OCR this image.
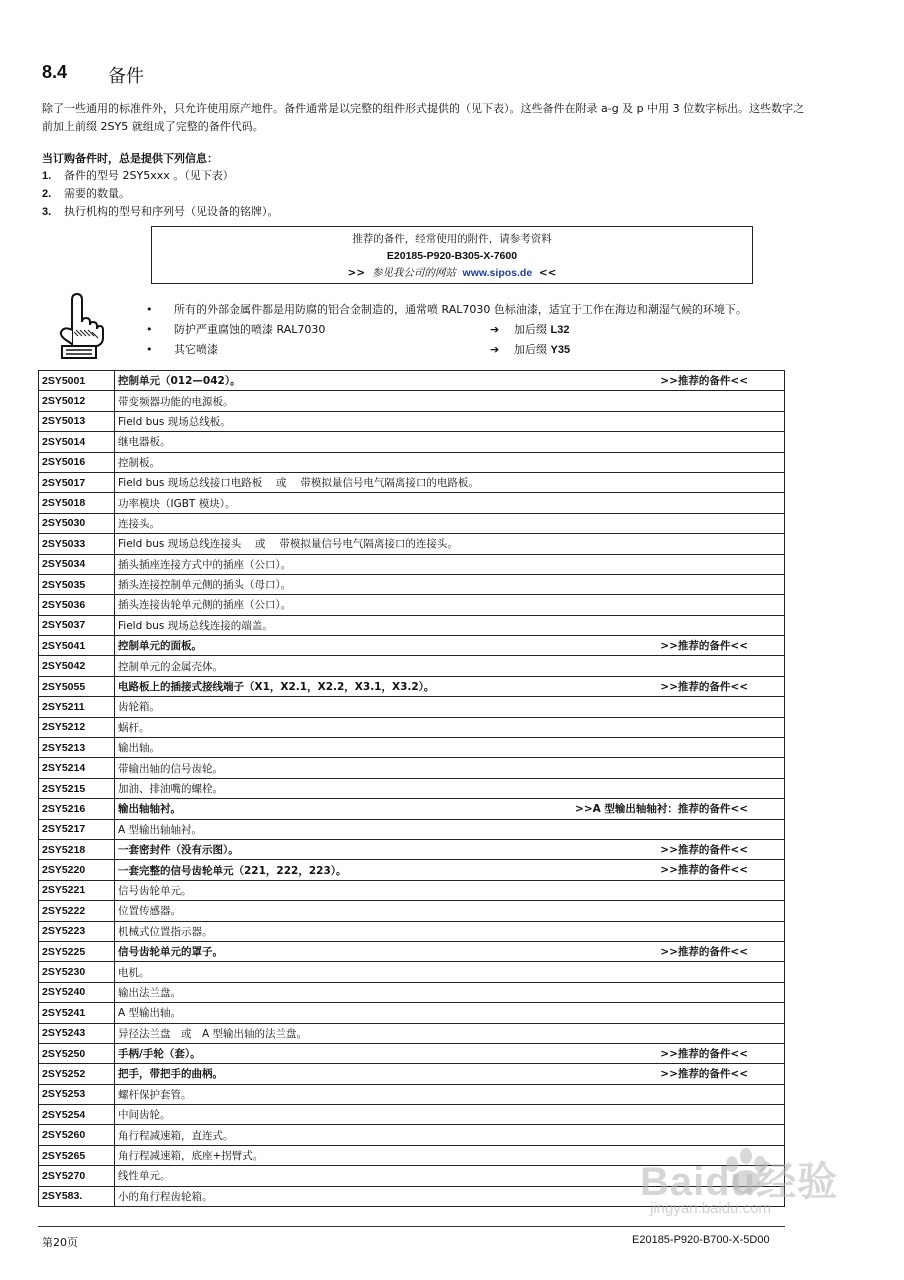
8.4 备件
除了一些通用的标准件外，只允许使用原产地件。备件通常是以完整的组件形式提供的（见下表）。这些备件在附录 a-g 及 p 中用 3 位数字标出。这些数字之前加上前缀 2SY5 就组成了完整的备件代码。
当订购备件时，总是提供下列信息：
1. 备件的型号 2SY5xxx 。（见下表）
2. 需要的数量。
3. 执行机构的型号和序列号（见设备的铭牌）。
推荐的备件，经常使用的附件，请参考资料
E20185-P920-B305-X-7600
>> 参见我公司的网站 www.sipos.de <<
• 所有的外部金属件都是用防腐的铝合金制造的，通常喷 RAL7030 色标油漆，适宜于工作在海边和潮湿气候的环境下。
• 防护严重腐蚀的喷漆 RAL7030	➔ 加后缀 L32
• 其它喷漆	➔ 加后缀 Y35
2SY5001	控制单元（012—042）。 >>推荐的备件<<

2SY5012	带变频器功能的电源板。
2SY5013	Field bus 现场总线板。
2SY5014	继电器板。
2SY5016	控制板。
2SY5017	Field bus 现场总线接口电路板　 或　 带模拟量信号电气隔离接口的电路板。
2SY5018	功率模块（IGBT 模块）。
2SY5030	连接头。
2SY5033	Field bus 现场总线连接头　 或　 带模拟量信号电气隔离接口的连接头。
2SY5034	插头插座连接方式中的插座（公口）。
2SY5035	插头连接控制单元侧的插头（母口）。
2SY5036	插头连接齿轮单元侧的插座（公口）。
2SY5037	Field bus 现场总线连接的端盖。
2SY5041	控制单元的面板。 >>推荐的备件<<

2SY5042	控制单元的金属壳体。
2SY5055	电路板上的插接式接线端子（X1，X2.1，X2.2，X3.1，X3.2）。 >>推荐的备件<<

2SY5211	齿轮箱。
2SY5212	蜗杆。
2SY5213	输出轴。
2SY5214	带输出轴的信号齿轮。
2SY5215	加油、排油嘴的螺栓。
2SY5216	输出轴轴衬。 >>A 型输出轴轴衬：推荐的备件<<

2SY5217	A 型输出轴轴衬。
2SY5218	一套密封件（没有示图）。 >>推荐的备件<<

2SY5220	一套完整的信号齿轮单元（221，222，223）。 >>推荐的备件<<

2SY5221	信号齿轮单元。
2SY5222	位置传感器。
2SY5223	机械式位置指示器。
2SY5225	信号齿轮单元的罩子。 >>推荐的备件<<

2SY5230	电机。
2SY5240	输出法兰盘。
2SY5241	A 型输出轴。
2SY5243	异径法兰盘　或　A 型输出轴的法兰盘。
2SY5250	手柄/手轮（套）。 >>推荐的备件<<

2SY5252	把手，带把手的曲柄。 >>推荐的备件<<

2SY5253	螺杆保护套管。
2SY5254	中间齿轮。
2SY5260	角行程减速箱，直连式。
2SY5265	角行程减速箱，底座+拐臂式。
2SY5270	线性单元。
2SY583.	小的角行程齿轮箱。	Baidu经验
jingyan.baidu.com
第20页	E20185-P920-B700-X-5D00
